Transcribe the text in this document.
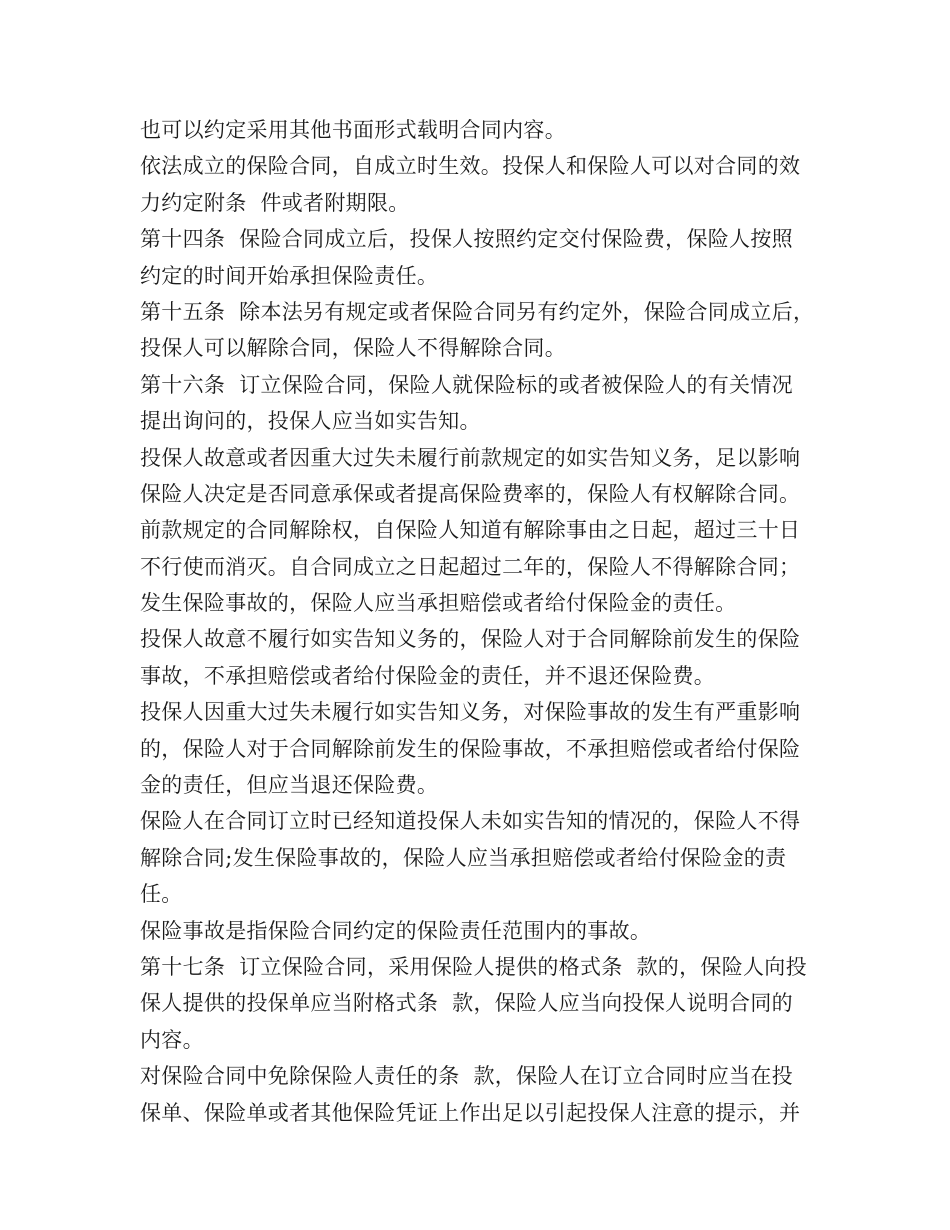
也可以约定采用其他书面形式载明合同内容。
依法成立的保险合同，自成立时生效。投保人和保险人可以对合同的效
力约定附条  件或者附期限。
第十四条  保险合同成立后，投保人按照约定交付保险费，保险人按照
约定的时间开始承担保险责任。
第十五条  除本法另有规定或者保险合同另有约定外，保险合同成立后，
投保人可以解除合同，保险人不得解除合同。
第十六条  订立保险合同，保险人就保险标的或者被保险人的有关情况
提出询问的，投保人应当如实告知。
投保人故意或者因重大过失未履行前款规定的如实告知义务，足以影响
保险人决定是否同意承保或者提高保险费率的，保险人有权解除合同。
前款规定的合同解除权，自保险人知道有解除事由之日起，超过三十日
不行使而消灭。自合同成立之日起超过二年的，保险人不得解除合同；
发生保险事故的，保险人应当承担赔偿或者给付保险金的责任。
投保人故意不履行如实告知义务的，保险人对于合同解除前发生的保险
事故，不承担赔偿或者给付保险金的责任，并不退还保险费。
投保人因重大过失未履行如实告知义务，对保险事故的发生有严重影响
的，保险人对于合同解除前发生的保险事故，不承担赔偿或者给付保险
金的责任，但应当退还保险费。
保险人在合同订立时已经知道投保人未如实告知的情况的，保险人不得
解除合同;发生保险事故的，保险人应当承担赔偿或者给付保险金的责
任。
保险事故是指保险合同约定的保险责任范围内的事故。
第十七条  订立保险合同，采用保险人提供的格式条  款的，保险人向投
保人提供的投保单应当附格式条  款，保险人应当向投保人说明合同的
内容。
对保险合同中免除保险人责任的条  款，保险人在订立合同时应当在投
保单、保险单或者其他保险凭证上作出足以引起投保人注意的提示，并
